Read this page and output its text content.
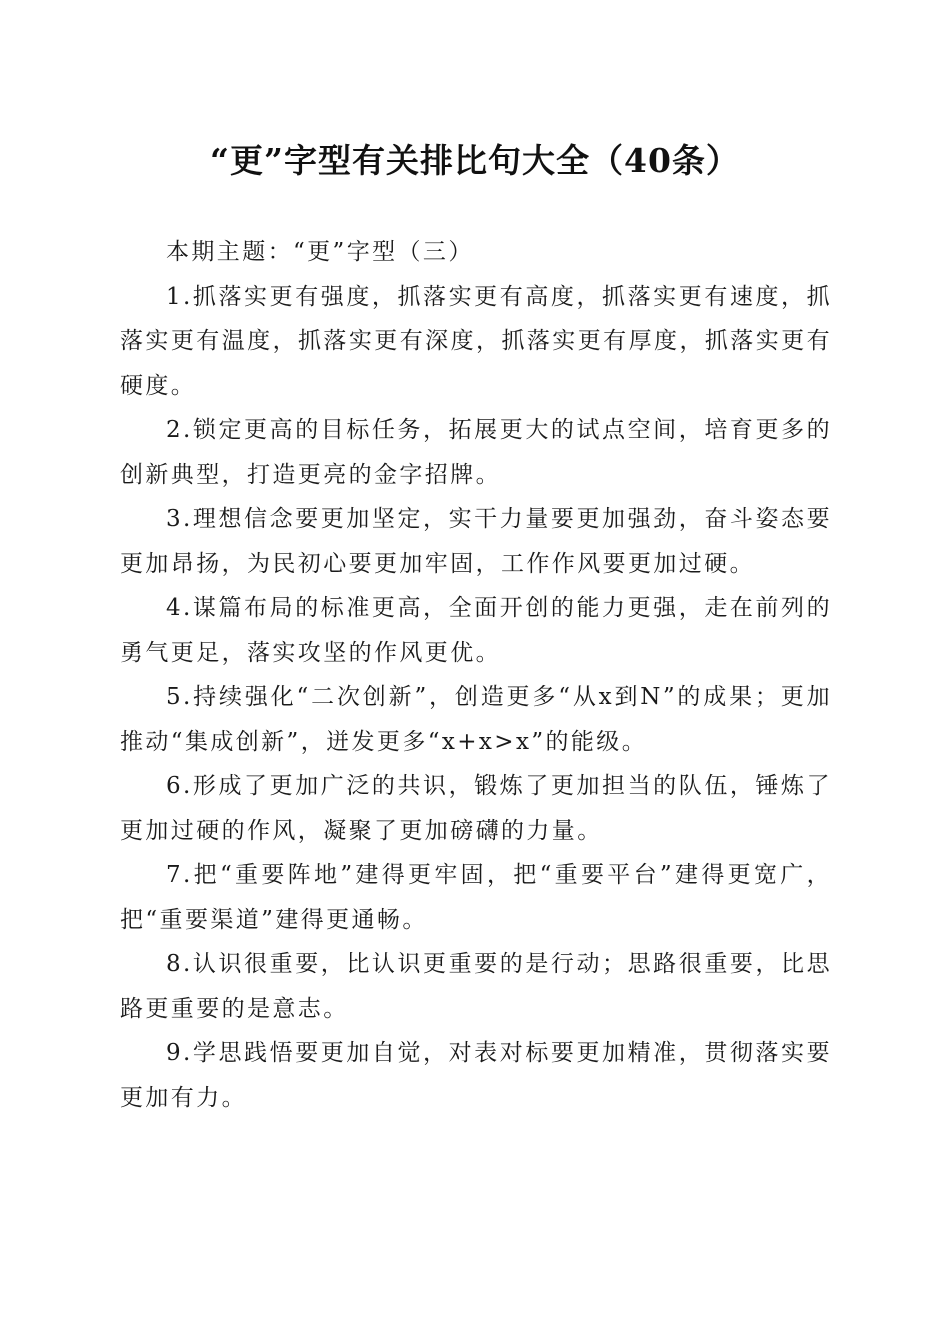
“更”字型有关排比句大全（40条）

本期主题：“更”字型（三）

1.抓落实更有强度，抓落实更有高度，抓落实更有速度，抓落实更有温度，抓落实更有深度，抓落实更有厚度，抓落实更有硬度。

2.锁定更高的目标任务，拓展更大的试点空间，培育更多的创新典型，打造更亮的金字招牌。

3.理想信念要更加坚定，实干力量要更加强劲，奋斗姿态要更加昂扬，为民初心要更加牢固，工作作风要更加过硬。

4.谋篇布局的标准更高，全面开创的能力更强，走在前列的勇气更足，落实攻坚的作风更优。

5.持续强化“二次创新”，创造更多“从x到N”的成果；更加推动“集成创新”，迸发更多“x+x>x”的能级。

6.形成了更加广泛的共识，锻炼了更加担当的队伍，锤炼了更加过硬的作风，凝聚了更加磅礴的力量。

7.把“重要阵地”建得更牢固，把“重要平台”建得更宽广，把“重要渠道”建得更通畅。

8.认识很重要，比认识更重要的是行动；思路很重要，比思路更重要的是意志。

9.学思践悟要更加自觉，对表对标要更加精准，贯彻落实要更加有力。
